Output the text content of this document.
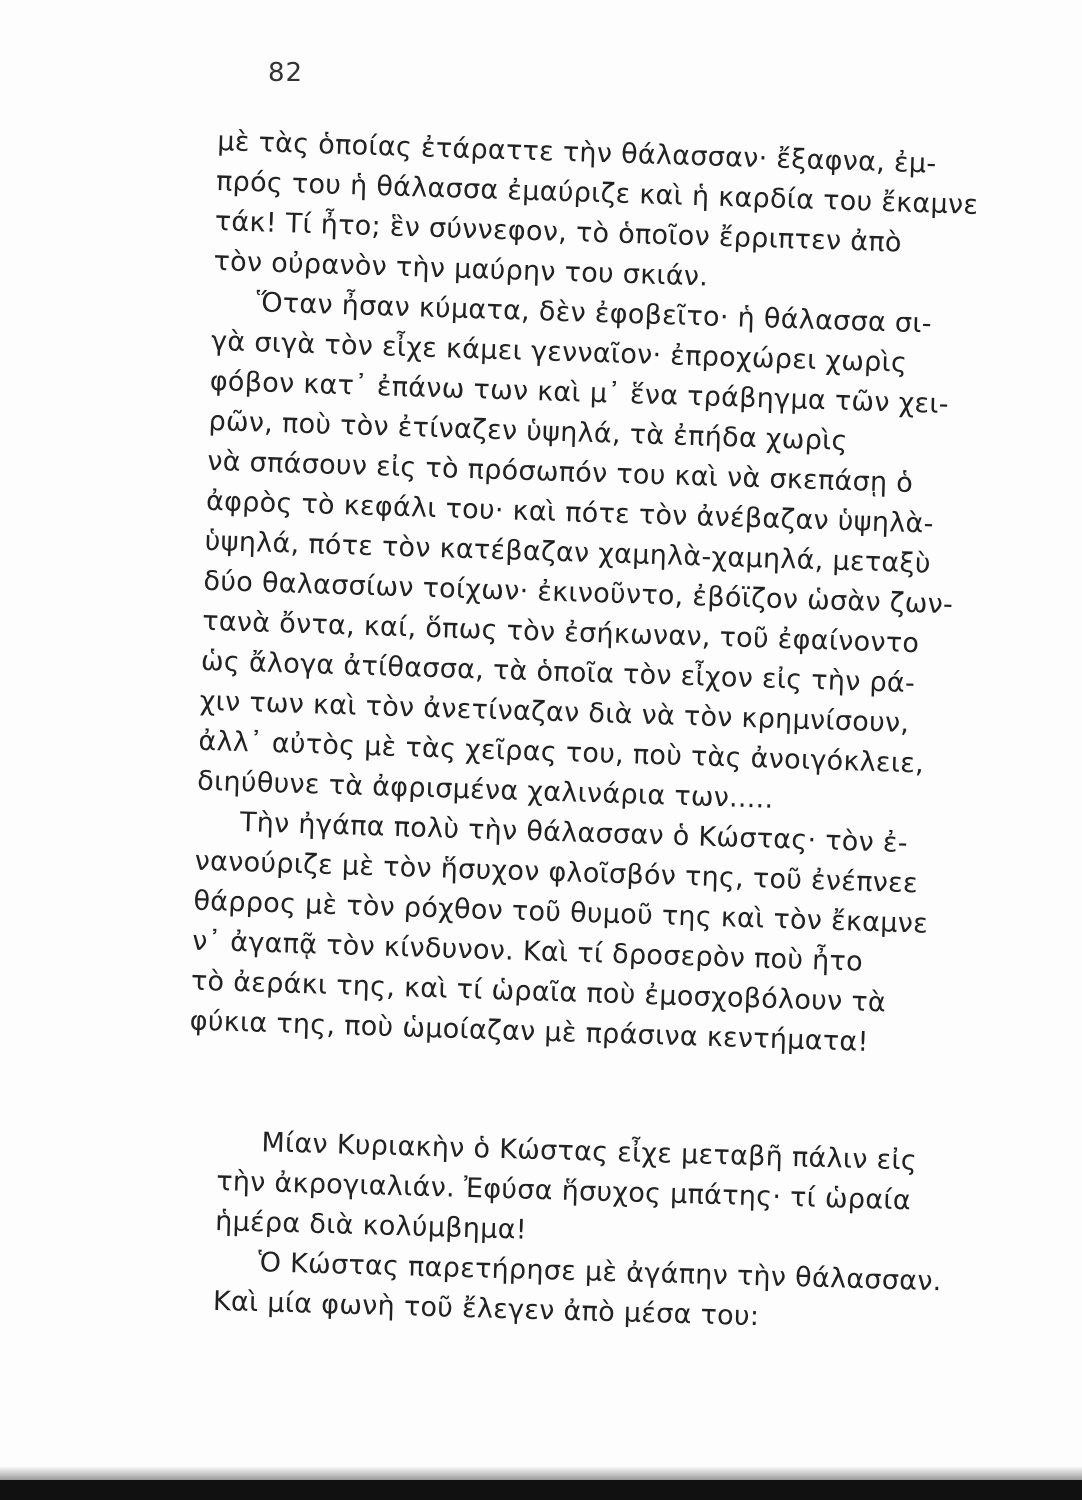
82
μὲ τὰς ὁποίας ἐτάραττε τὴν θάλασσαν· ἔξαφνα, ἐμ-
πρός του ἡ θάλασσα ἐμαύριζε καὶ ἡ καρδία του ἔκαμνε
τάκ! Τί ἦτο; ἓν σύννεφον, τὸ ὁποῖον ἔρριπτεν ἀπὸ
τὸν οὐρανὸν τὴν μαύρην του σκιάν.
Ὅταν ἦσαν κύματα, δὲν ἐφοβεῖτο· ἡ θάλασσα σι-
γὰ σιγὰ τὸν εἶχε κάμει γενναῖον· ἐπροχώρει χωρὶς
φόβον κατ᾽ ἐπάνω των καὶ μ᾽ ἕνα τράβηγμα τῶν χει-
ρῶν, ποὺ τὸν ἐτίναζεν ὑψηλά, τὰ ἐπήδα χωρὶς
νὰ σπάσουν εἰς τὸ πρόσωπόν του καὶ νὰ σκεπάσῃ ὁ
ἀφρὸς τὸ κεφάλι του· καὶ πότε τὸν ἀνέβαζαν ὑψηλὰ-
ὑψηλά, πότε τὸν κατέβαζαν χαμηλὰ-χαμηλά, μεταξὺ
δύο θαλασσίων τοίχων· ἐκινοῦντο, ἐβόϊζον ὡσὰν ζων-
τανὰ ὄντα, καί, ὅπως τὸν ἐσήκωναν, τοῦ ἐφαίνοντο
ὡς ἄλογα ἀτίθασσα, τὰ ὁποῖα τὸν εἶχον εἰς τὴν ρά-
χιν των καὶ τὸν ἀνετίναζαν διὰ νὰ τὸν κρημνίσουν,
ἀλλ᾽ αὐτὸς μὲ τὰς χεῖρας του, ποὺ τὰς ἀνοιγόκλειε,
διηύθυνε τὰ ἀφρισμένα χαλινάρια των.....
Τὴν ἠγάπα πολὺ τὴν θάλασσαν ὁ Κώστας· τὸν ἐ-
νανούριζε μὲ τὸν ἥσυχον φλοῖσβόν της, τοῦ ἐνέπνεε
θάρρος μὲ τὸν ρόχθον τοῦ θυμοῦ της καὶ τὸν ἔκαμνε
ν᾽ ἀγαπᾷ τὸν κίνδυνον. Καὶ τί δροσερὸν ποὺ ἦτο
τὸ ἀεράκι της, καὶ τί ὡραῖα ποὺ ἐμοσχοβόλουν τὰ
φύκια της, ποὺ ὡμοίαζαν μὲ πράσινα κεντήματα!
Μίαν Κυριακὴν ὁ Κώστας εἶχε μεταβῆ πάλιν εἰς
τὴν ἀκρογιαλιάν. Ἐφύσα ἥσυχος μπάτης· τί ὡραία
ἡμέρα διὰ κολύμβημα!
Ὁ Κώστας παρετήρησε μὲ ἀγάπην τὴν θάλασσαν.
Καὶ μία φωνὴ τοῦ ἔλεγεν ἀπὸ μέσα του:
